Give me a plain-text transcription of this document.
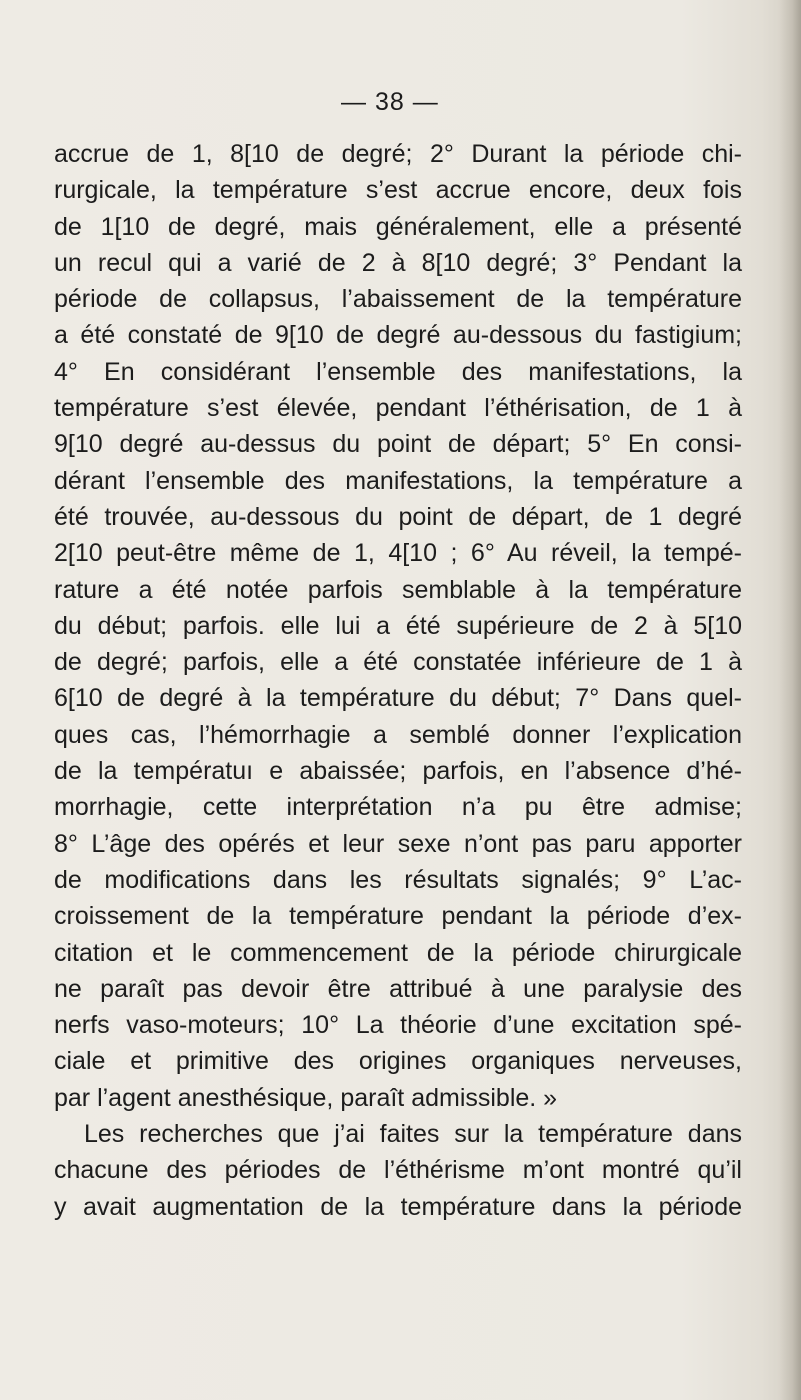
— 38 —
accrue de 1, 8[10 de degré; 2° Durant la période chi-
rurgicale, la température s’est accrue encore, deux fois
de 1[10 de degré, mais généralement, elle a présenté
un recul qui a varié de 2 à 8[10 degré; 3° Pendant la
période de collapsus, l’abaissement de la température
a été constaté de 9[10 de degré au-dessous du fastigium;
4° En considérant l’ensemble des manifestations, la
température s’est élevée, pendant l’éthérisation, de 1 à
9[10 degré au-dessus du point de départ; 5° En consi-
dérant l’ensemble des manifestations, la température a
été trouvée, au-dessous du point de départ, de 1 degré
2[10 peut-être même de 1, 4[10 ; 6° Au réveil, la tempé-
rature a été notée parfois semblable à la température
du début; parfois. elle lui a été supérieure de 2 à 5[10
de degré; parfois, elle a été constatée inférieure de 1 à
6[10 de degré à la température du début; 7° Dans quel-
ques cas, l’hémorrhagie a semblé donner l’explication
de la températuı e abaissée; parfois, en l’absence d’hé-
morrhagie, cette interprétation n’a pu être admise;
8° L’âge des opérés et leur sexe n’ont pas paru apporter
de modifications dans les résultats signalés; 9° L’ac-
croissement de la température pendant la période d’ex-
citation et le commencement de la période chirurgicale
ne paraît pas devoir être attribué à une paralysie des
nerfs vaso-moteurs; 10° La théorie d’une excitation spé-
ciale et primitive des origines organiques nerveuses,
par l’agent anesthésique, paraît admissible. »
Les recherches que j’ai faites sur la température dans
chacune des périodes de l’éthérisme m’ont montré qu’il
y avait augmentation de la température dans la période
